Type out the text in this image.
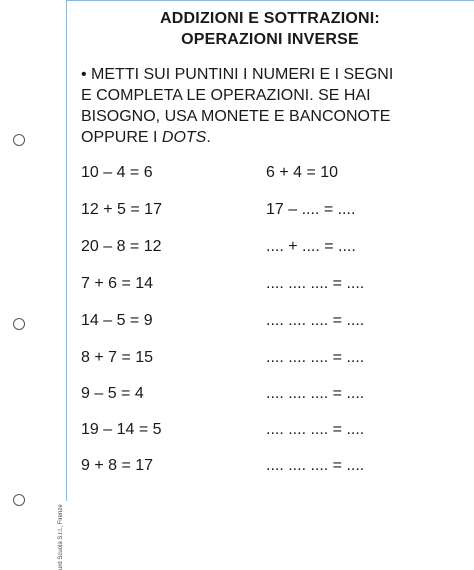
urd Scuola S.r.l., Firenze
ADDIZIONI E SOTTRAZIONI:
OPERAZIONI INVERSE

• METTI SUI PUNTINI I NUMERI E I SEGNI

E COMPLETA LE OPERAZIONI. SE HAI

BISOGNO, USA MONETE E BANCONOTE

OPPURE I DOTS.

10 – 4 = 6
12 + 5 = 17
20 – 8 = 12
7 + 6 = 14
14 – 5 = 9
8 + 7 = 15
9 – 5 = 4
19 – 14 = 5
9 + 8 = 17
6 + 4 = 10
17 – .... = ....
.... + .... = ....
.... .... .... = ....
.... .... .... = ....
.... .... .... = ....
.... .... .... = ....
.... .... .... = ....
.... .... .... = ....
